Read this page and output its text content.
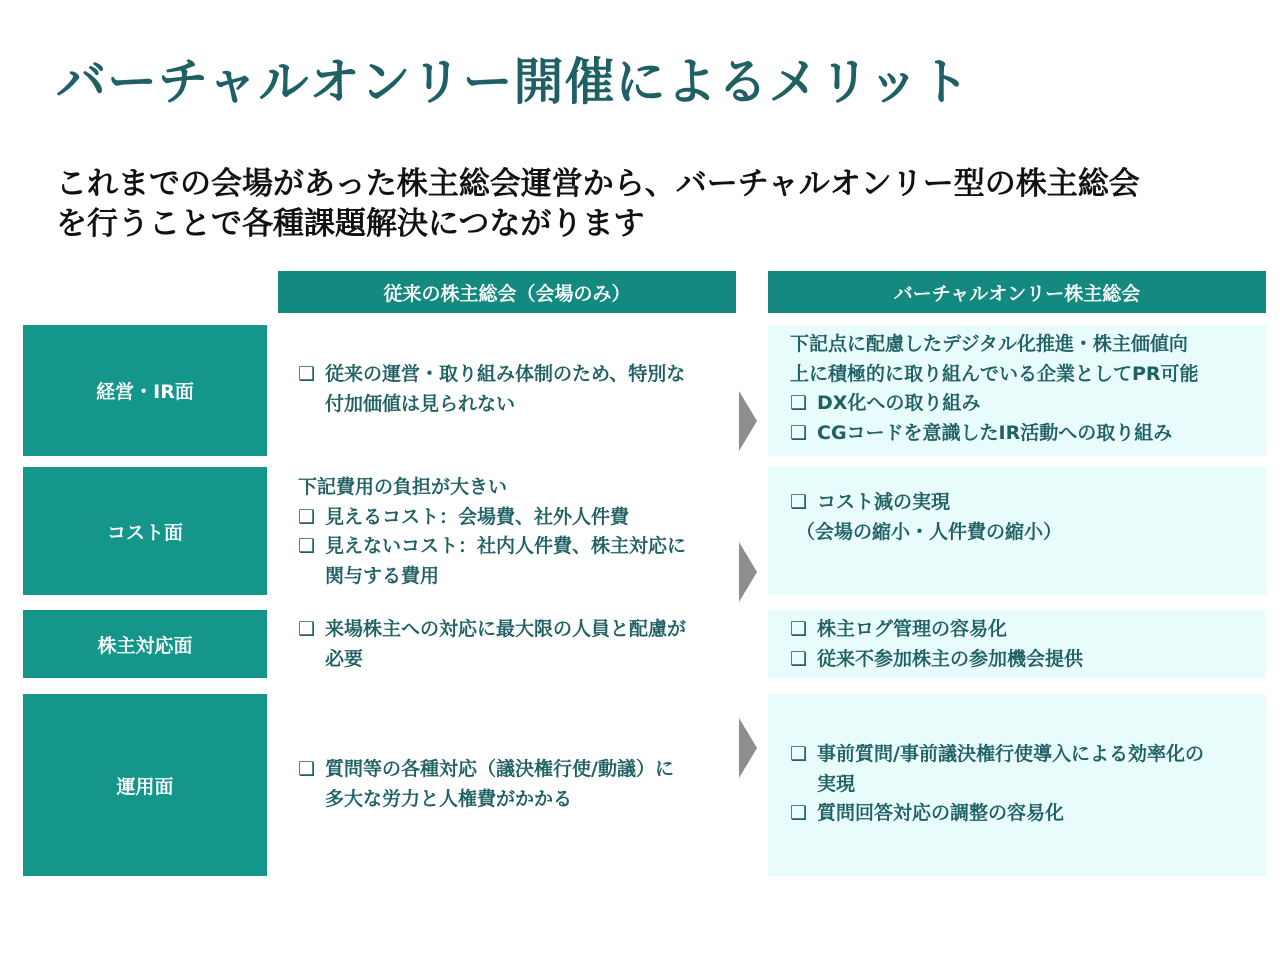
バーチャルオンリー開催によるメリット
これまでの会場があった株主総会運営から、バーチャルオンリー型の株主総会
を行うことで各種課題解決につながります
従来の株主総会（会場のみ）	バーチャルオンリー株主総会
経営・IR面
❑ 従来の運営・取り組み体制のため、特別な
付加価値は見られない
下記点に配慮したデジタル化推進・株主価値向
上に積極的に取り組んでいる企業としてPR可能
❑ DX化への取り組み
❑ CGコードを意識したIR活動への取り組み
コスト面
下記費用の負担が大きい
❑ 見えるコスト：会場費、社外人件費
❑ 見えないコスト：社内人件費、株主対応に
関与する費用
❑ コスト減の実現
（会場の縮小・人件費の縮小）
株主対応面
❑ 来場株主への対応に最大限の人員と配慮が
必要
❑ 株主ログ管理の容易化
❑ 従来不参加株主の参加機会提供
運用面
❑ 質問等の各種対応（議決権行使/動議）に
多大な労力と人権費がかかる
❑ 事前質問/事前議決権行使導入による効率化の
実現
❑ 質問回答対応の調整の容易化
